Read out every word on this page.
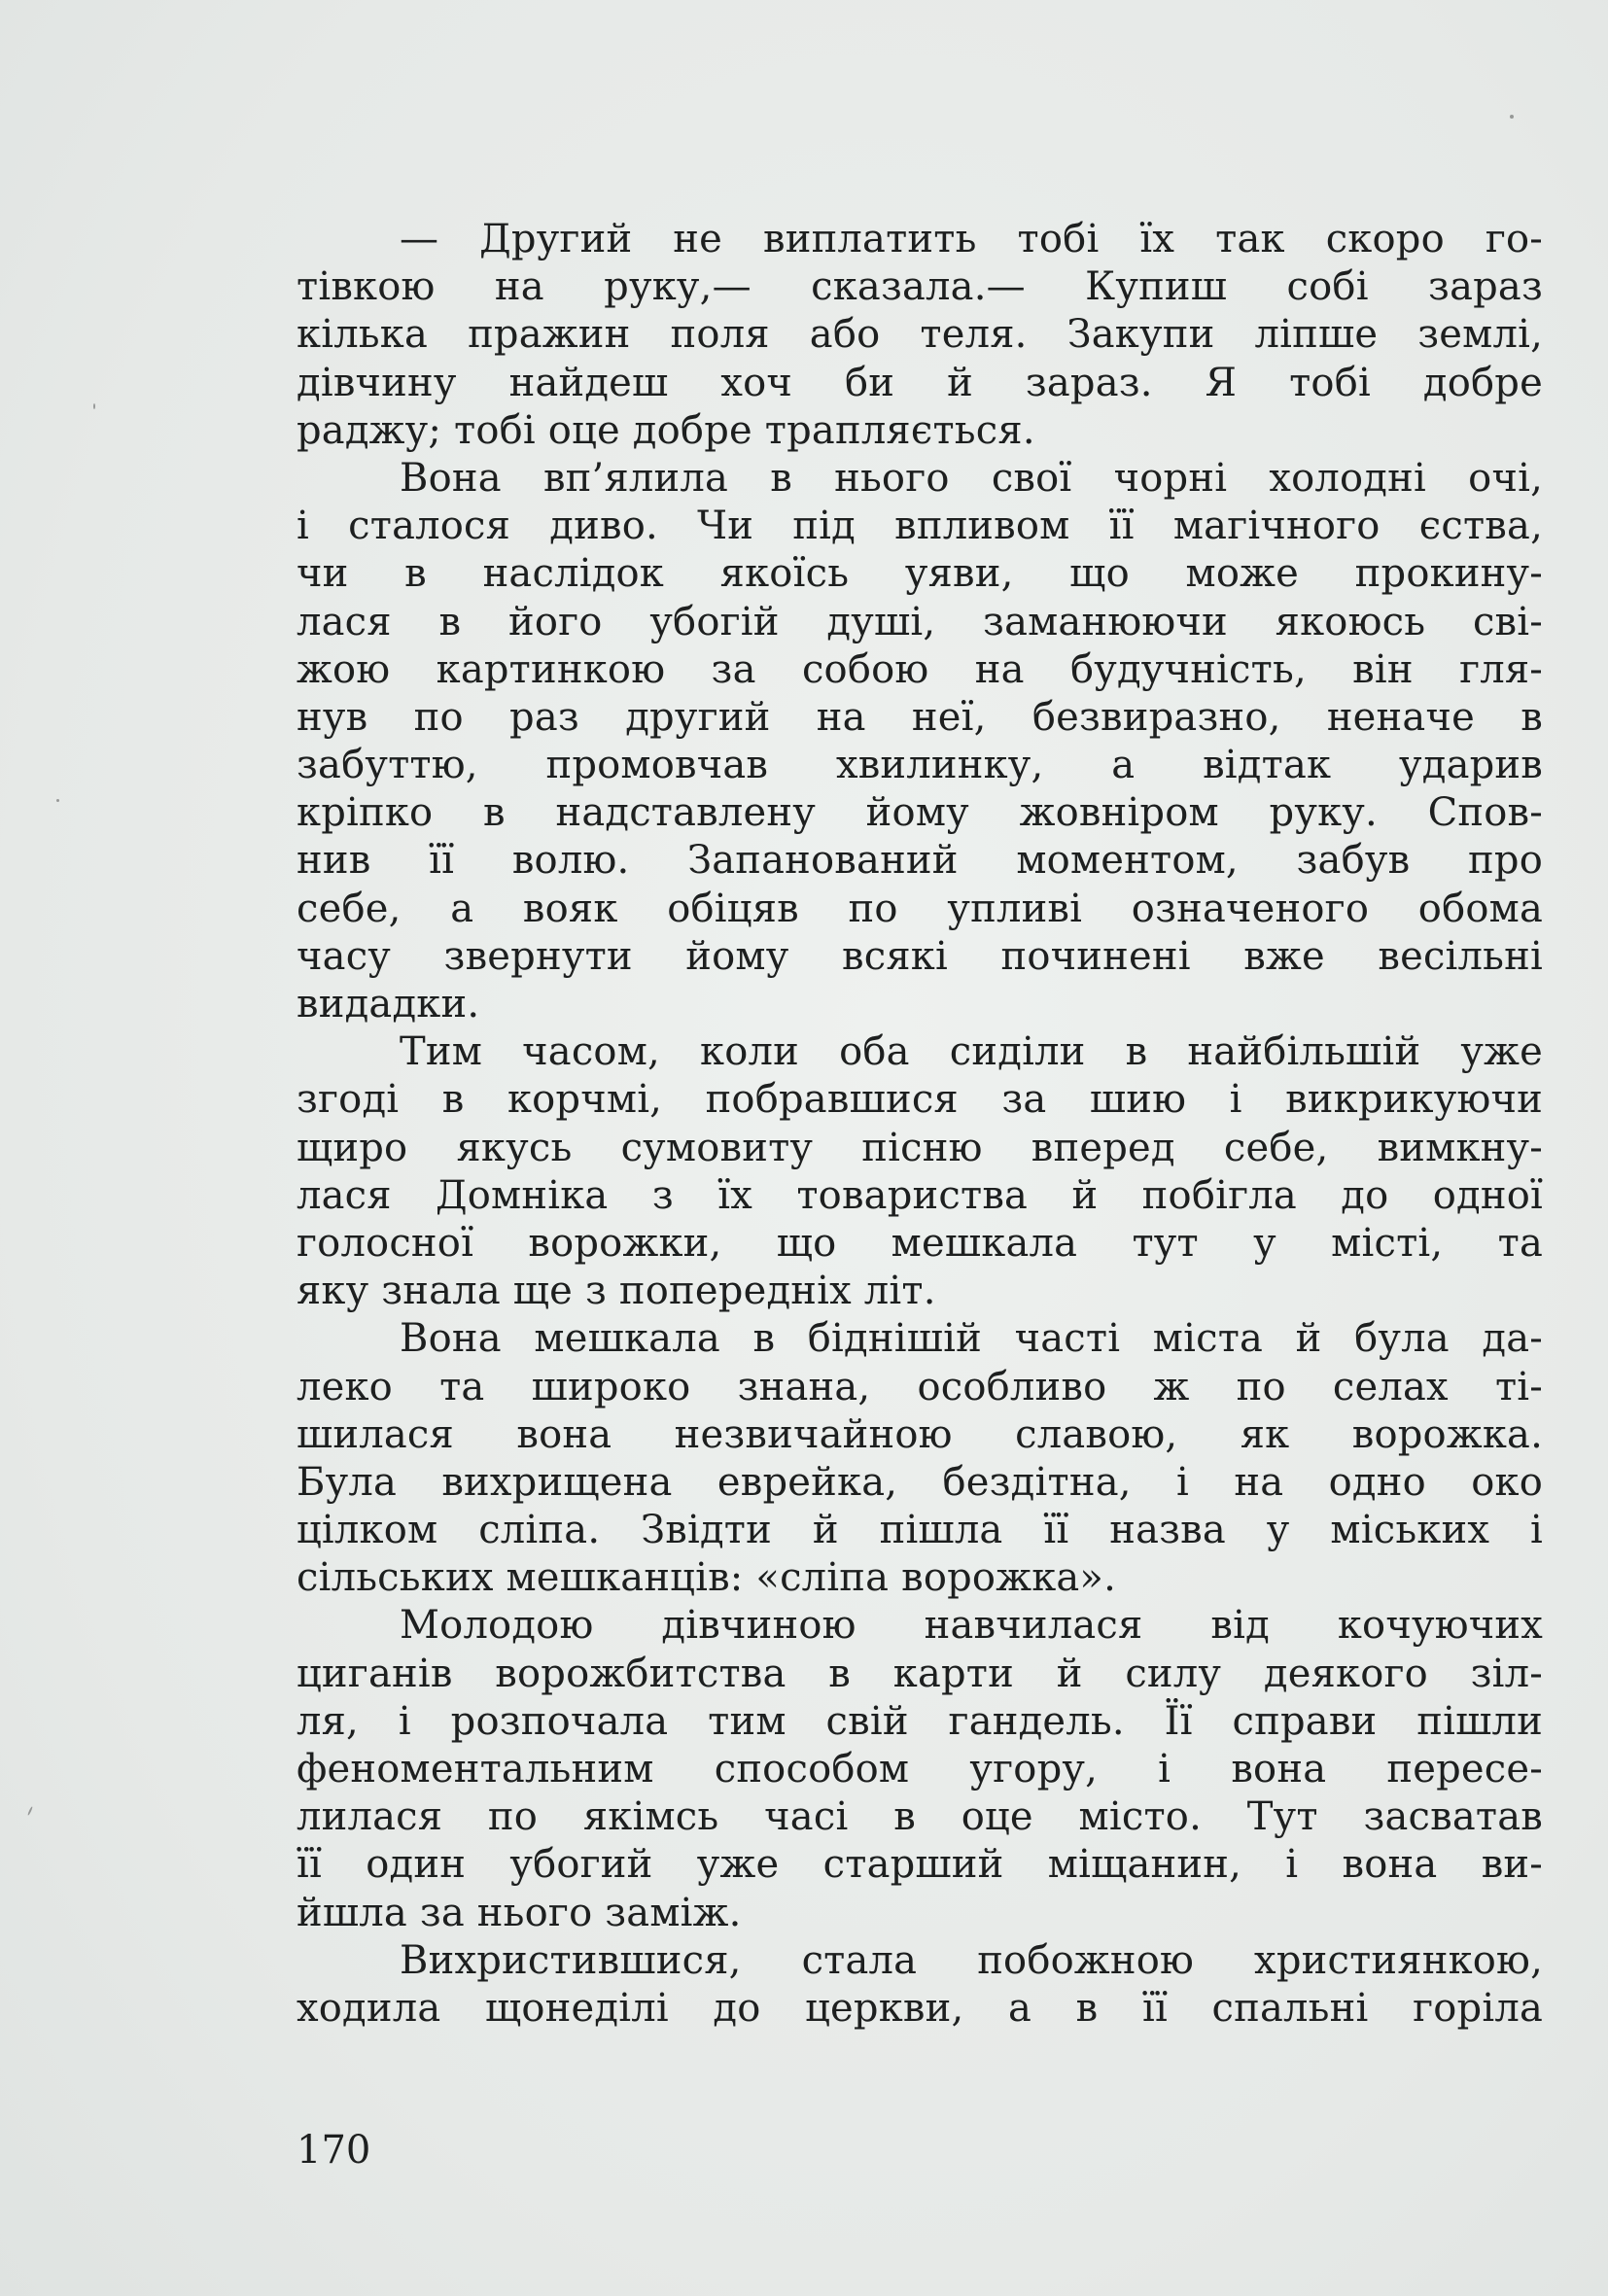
— Другий не виплатить тобі їх так скоро го-
тівкою на руку,— сказала.— Купиш собі зараз
кілька пражин поля або теля. Закупи ліпше землі,
дівчину найдеш хоч би й зараз. Я тобі добре
раджу; тобі оце добре трапляється.
Вона вп’ялила в нього свої чорні холодні очі,
і сталося диво. Чи під впливом її магічного єства,
чи в наслідок якоїсь уяви, що може прокину-
лася в його убогій душі, заманюючи якоюсь сві-
жою картинкою за собою на будучність, він гля-
нув по раз другий на неї, безвиразно, неначе в
забуттю, промовчав хвилинку, а відтак ударив
кріпко в надставлену йому жовніром руку. Спов-
нив її волю. Запанований моментом, забув про
себе, а вояк обіцяв по упливі означеного обома
часу звернути йому всякі починені вже весільні
видадки.
Тим часом, коли оба сиділи в найбільшій уже
згоді в корчмі, побравшися за шию і викрикуючи
щиро якусь сумовиту пісню вперед себе, вимкну-
лася Домніка з їх товариства й побігла до одної
голосної ворожки, що мешкала тут у місті, та
яку знала ще з попередніх літ.
Вона мешкала в біднішій часті міста й була да-
леко та широко знана, особливо ж по селах ті-
шилася вона незвичайною славою, як ворожка.
Була вихрищена еврейка, бездітна, і на одно око
цілком сліпа. Звідти й пішла її назва у міських і
сільських мешканців: «сліпа ворожка».
Молодою дівчиною навчилася від кочуючих
циганів ворожбитства в карти й силу деякого зіл-
ля, і розпочала тим свій гандель. Її справи пішли
феноментальним способом угору, і вона пересе-
лилася по якімсь часі в оце місто. Тут засватав
її один убогий уже старший міщанин, і вона ви-
йшла за нього заміж.
Вихристившися, стала побожною християнкою,
ходила щонеділі до церкви, а в її спальні горіла
170
